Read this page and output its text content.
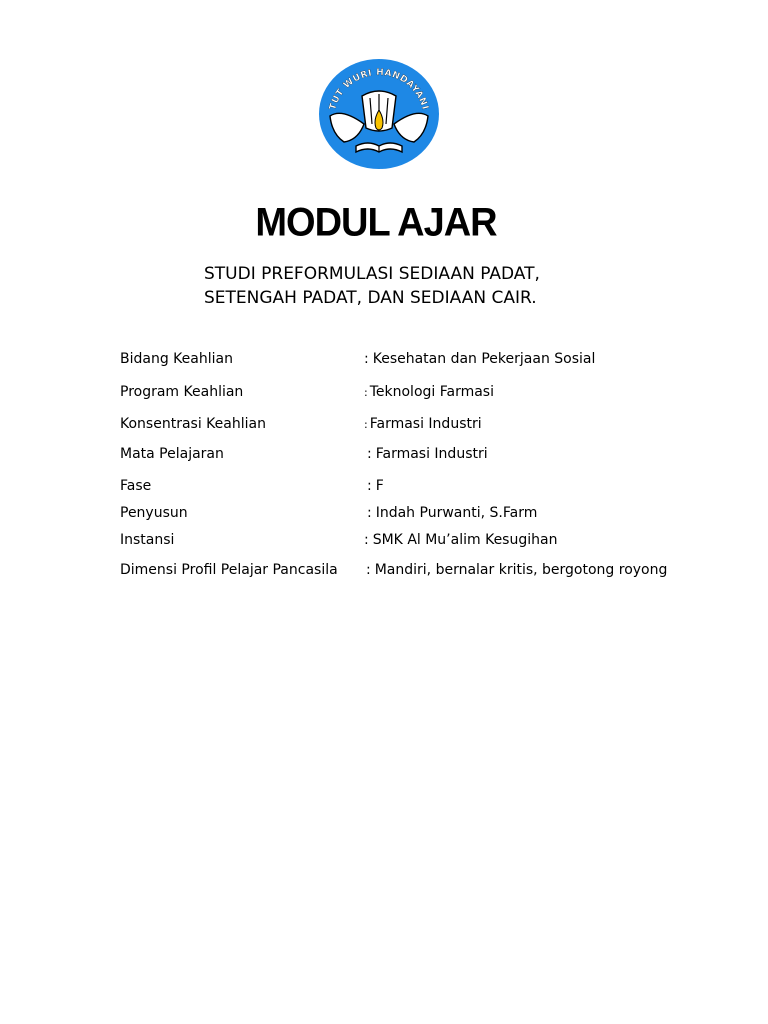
TUT WURI HANDAYANI
MODUL AJAR
STUDI PREFORMULASI SEDIAAN PADAT,
SETENGAH PADAT, DAN SEDIAAN CAIR.
Bidang Keahlian	: Kesehatan dan Pekerjaan Sosial
Program Keahlian	: Teknologi Farmasi
Konsentrasi Keahlian	: Farmasi Industri
Mata Pelajaran	: Farmasi Industri
Fase	: F
Penyusun	: Indah Purwanti, S.Farm
Instansi	: SMK Al Mu’alim Kesugihan
Dimensi Profil Pelajar Pancasila : Mandiri, bernalar kritis, bergotong royong
